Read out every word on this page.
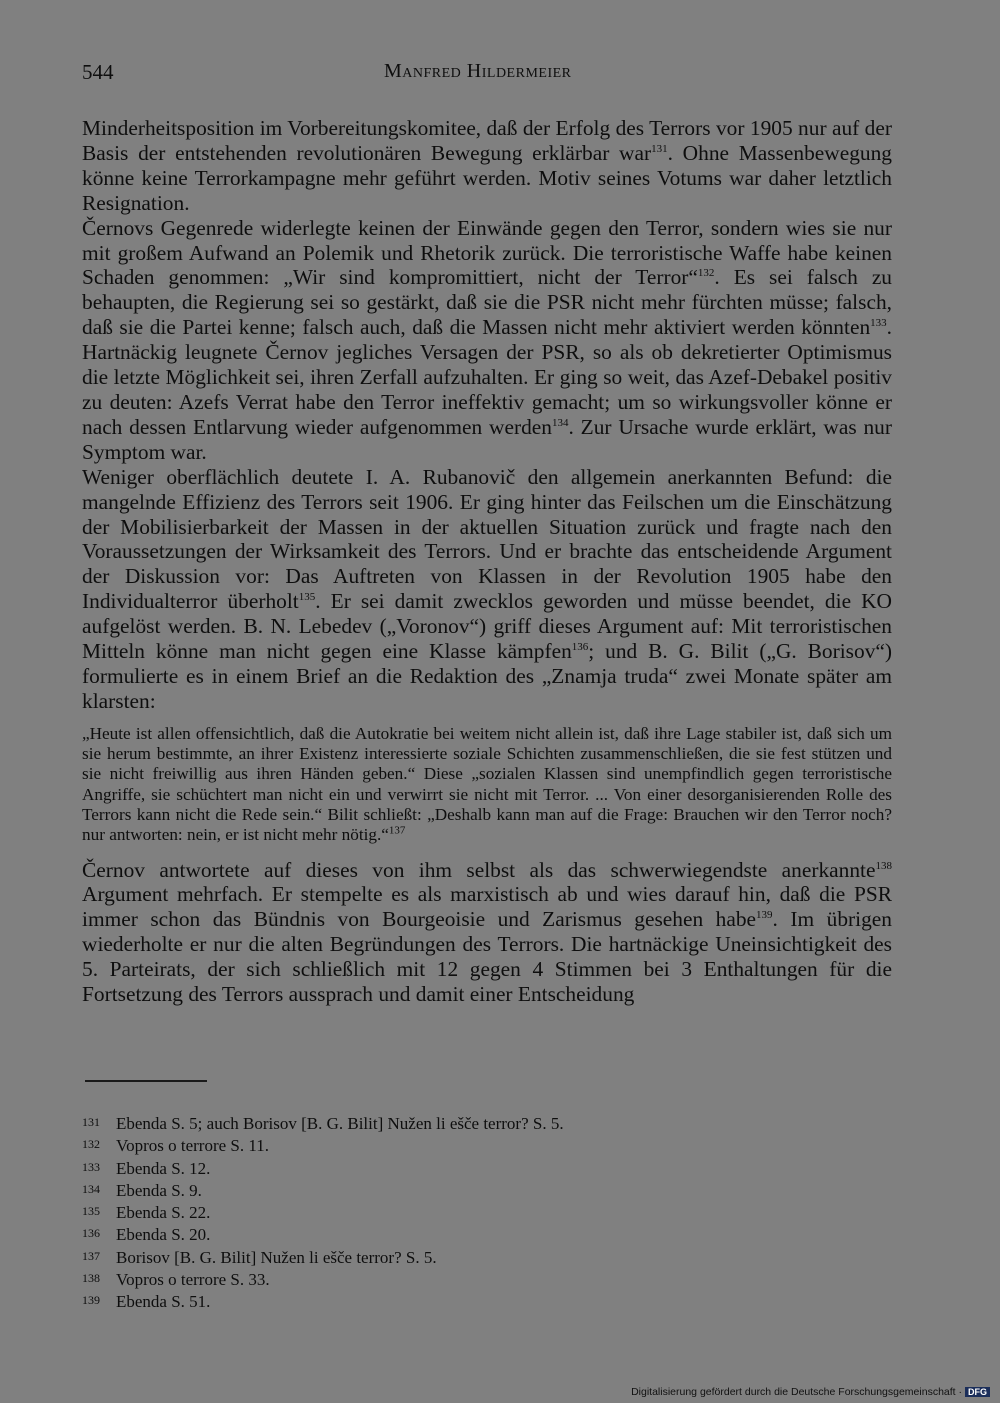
544	Manfred Hildermeier

Minderheitsposition im Vorbereitungskomitee, daß der Erfolg des Terrors vor 1905 nur auf der Basis der entstehenden revolutionären Bewegung erklärbar war$^{131}$. Ohne Massenbewegung könne keine Terrorkampagne mehr geführt werden. Motiv seines Votums war daher letztlich Resignation.

Černovs Gegenrede widerlegte keinen der Einwände gegen den Terror, sondern wies sie nur mit großem Aufwand an Polemik und Rhetorik zurück. Die terroristische Waffe habe keinen Schaden genommen: „Wir sind kompromittiert, nicht der Terror“$^{132}$. Es sei falsch zu behaupten, die Regierung sei so gestärkt, daß sie die PSR nicht mehr fürchten müsse; falsch, daß sie die Partei kenne; falsch auch, daß die Massen nicht mehr aktiviert werden könnten$^{133}$. Hartnäckig leugnete Černov jegliches Versagen der PSR, so als ob dekretierter Optimismus die letzte Möglichkeit sei, ihren Zerfall aufzuhalten. Er ging so weit, das Azef-Debakel positiv zu deuten: Azefs Verrat habe den Terror ineffektiv gemacht; um so wirkungsvoller könne er nach dessen Entlarvung wieder aufgenommen werden$^{134}$. Zur Ursache wurde erklärt, was nur Symptom war.

Weniger oberflächlich deutete I. A. Rubanovič den allgemein anerkannten Befund: die mangelnde Effizienz des Terrors seit 1906. Er ging hinter das Feilschen um die Einschätzung der Mobilisierbarkeit der Massen in der aktuellen Situation zurück und fragte nach den Voraussetzungen der Wirksamkeit des Terrors. Und er brachte das entscheidende Argument der Diskussion vor: Das Auftreten von Klassen in der Revolution 1905 habe den Individualterror überholt$^{135}$. Er sei damit zwecklos geworden und müsse beendet, die KO aufgelöst werden. B. N. Lebedev („Voronov“) griff dieses Argument auf: Mit terroristischen Mitteln könne man nicht gegen eine Klasse kämpfen$^{136}$; und B. G. Bilit („G. Borisov“) formulierte es in einem Brief an die Redaktion des „Znamja truda“ zwei Monate später am klarsten:

„Heute ist allen offensichtlich, daß die Autokratie bei weitem nicht allein ist, daß ihre Lage stabiler ist, daß sich um sie herum bestimmte, an ihrer Existenz interessierte soziale Schichten zusammenschließen, die sie fest stützen und sie nicht freiwillig aus ihren Händen geben.“ Diese „sozialen Klassen sind unempfindlich gegen terroristische Angriffe, sie schüchtert man nicht ein und verwirrt sie nicht mit Terror. ... Von einer desorganisierenden Rolle des Terrors kann nicht die Rede sein.“ Bilit schließt: „Deshalb kann man auf die Frage: Brauchen wir den Terror noch? nur antworten: nein, er ist nicht mehr nötig.“$^{137}$

Černov antwortete auf dieses von ihm selbst als das schwerwiegendste anerkannte$^{138}$ Argument mehrfach. Er stempelte es als marxistisch ab und wies darauf hin, daß die PSR immer schon das Bündnis von Bourgeoisie und Zarismus gesehen habe$^{139}$. Im übrigen wiederholte er nur die alten Begründungen des Terrors. Die hartnäckige Uneinsichtigkeit des 5. Parteirats, der sich schließlich mit 12 gegen 4 Stimmen bei 3 Enthaltungen für die Fortsetzung des Terrors aussprach und damit einer Entscheidung

131 Ebenda S. 5; auch Borisov [B. G. Bilit] Nužen li ešče terror? S. 5.
132 Vopros o terrore S. 11.
133 Ebenda S. 12.
134 Ebenda S. 9.
135 Ebenda S. 22.
136 Ebenda S. 20.
137 Borisov [B. G. Bilit] Nužen li ešče terror? S. 5.
138 Vopros o terrore S. 33.
139 Ebenda S. 51.
Digitalisierung gefördert durch die Deutsche Forschungsgemeinschaft · DFG
